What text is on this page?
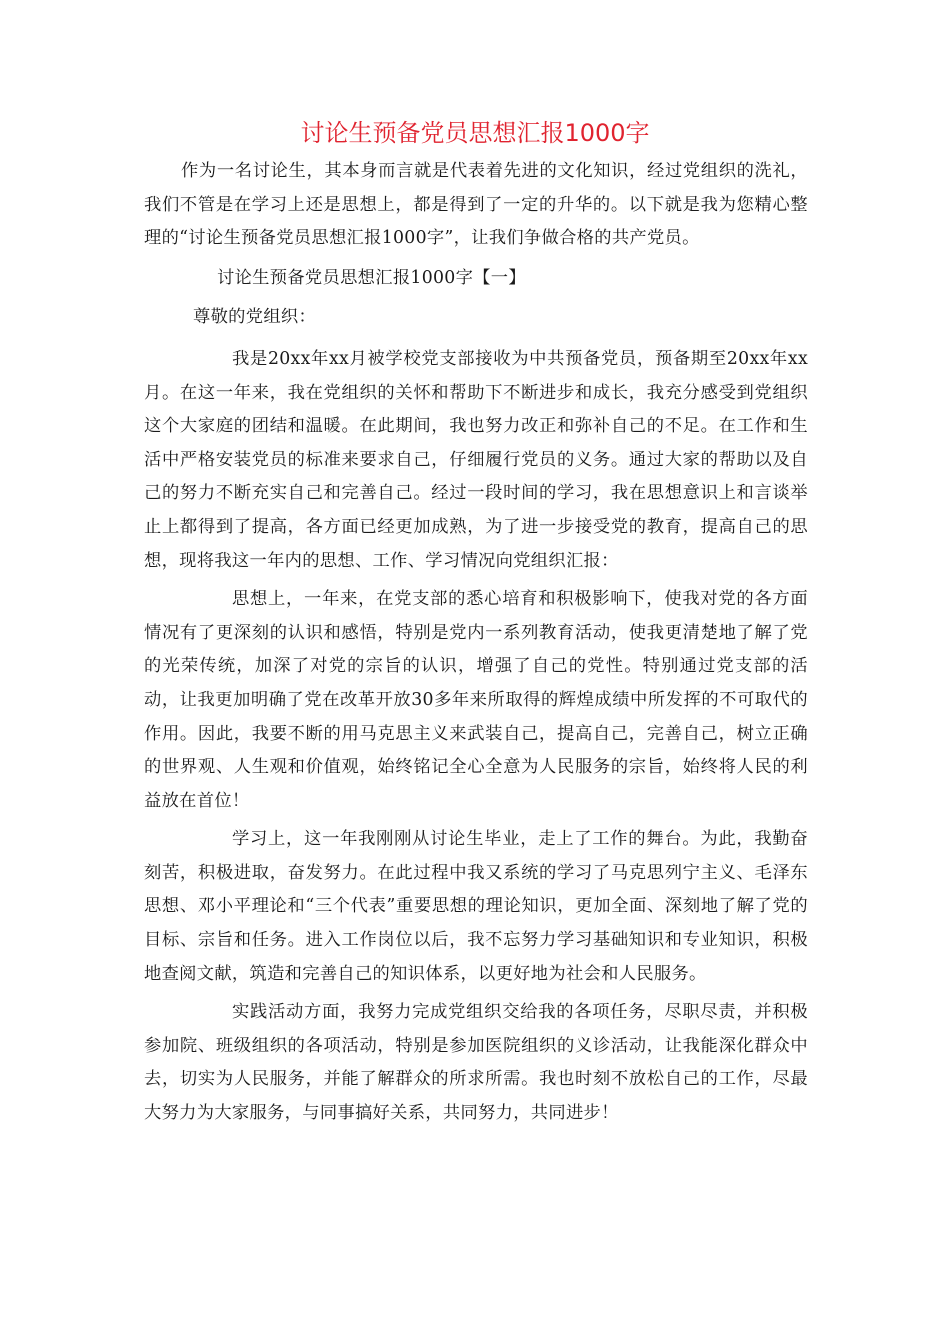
讨论生预备党员思想汇报1000字

作为一名讨论生，其本身而言就是代表着先进的文化知识，经过党组织的洗礼，我们不管是在学习上还是思想上，都是得到了一定的升华的。以下就是我为您精心整理的“讨论生预备党员思想汇报1000字”，让我们争做合格的共产党员。

讨论生预备党员思想汇报1000字【一】

尊敬的党组织：

我是20xx年xx月被学校党支部接收为中共预备党员，预备期至20xx年xx月。在这一年来，我在党组织的关怀和帮助下不断进步和成长，我充分感受到党组织这个大家庭的团结和温暖。在此期间，我也努力改正和弥补自己的不足。在工作和生活中严格安装党员的标准来要求自己，仔细履行党员的义务。通过大家的帮助以及自己的努力不断充实自己和完善自己。经过一段时间的学习，我在思想意识上和言谈举止上都得到了提高，各方面已经更加成熟，为了进一步接受党的教育，提高自己的思想，现将我这一年内的思想、工作、学习情况向党组织汇报：

思想上，一年来，在党支部的悉心培育和积极影响下，使我对党的各方面情况有了更深刻的认识和感悟，特别是党内一系列教育活动，使我更清楚地了解了党的光荣传统，加深了对党的宗旨的认识，增强了自己的党性。特别通过党支部的活动，让我更加明确了党在改革开放30多年来所取得的辉煌成绩中所发挥的不可取代的作用。因此，我要不断的用马克思主义来武装自己，提高自己，完善自己，树立正确的世界观、人生观和价值观，始终铭记全心全意为人民服务的宗旨，始终将人民的利益放在首位！

学习上，这一年我刚刚从讨论生毕业，走上了工作的舞台。为此，我勤奋刻苦，积极进取，奋发努力。在此过程中我又系统的学习了马克思列宁主义、毛泽东思想、邓小平理论和“三个代表”重要思想的理论知识，更加全面、深刻地了解了党的目标、宗旨和任务。进入工作岗位以后，我不忘努力学习基础知识和专业知识，积极地查阅文献，筑造和完善自己的知识体系，以更好地为社会和人民服务。

实践活动方面，我努力完成党组织交给我的各项任务，尽职尽责，并积极参加院、班级组织的各项活动，特别是参加医院组织的义诊活动，让我能深化群众中去，切实为人民服务，并能了解群众的所求所需。我也时刻不放松自己的工作，尽最大努力为大家服务，与同事搞好关系，共同努力，共同进步！
